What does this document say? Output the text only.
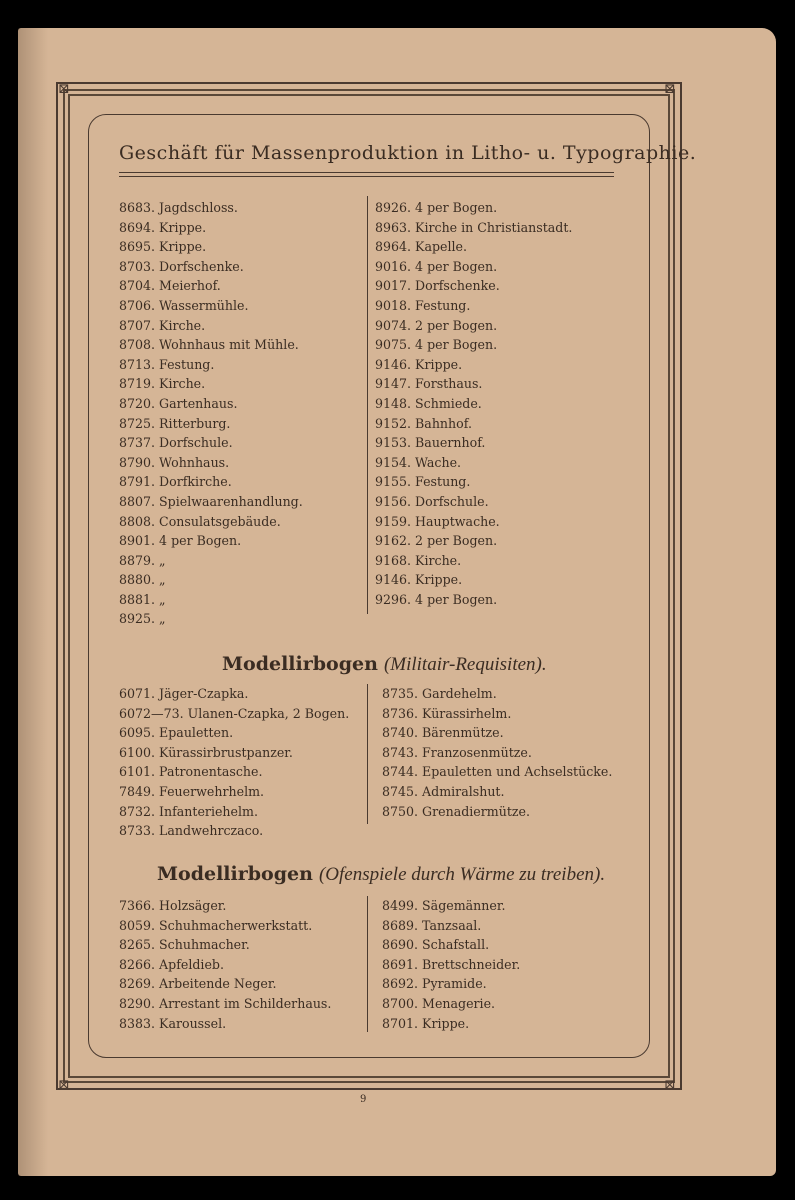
⊠	⊠
⊠	⊠
Geschäft für Massenproduktion in Litho- u. Typographie.
8683. Jagdschloss.
8694. Krippe.
8695. Krippe.
8703. Dorfschenke.
8704. Meierhof.
8706. Wassermühle.
8707. Kirche.
8708. Wohnhaus mit Mühle.
8713. Festung.
8719. Kirche.
8720. Gartenhaus.
8725. Ritterburg.
8737. Dorfschule.
8790. Wohnhaus.
8791. Dorfkirche.
8807. Spielwaarenhandlung.
8808. Consulatsgebäude.
8901. 4 per Bogen.
8879. „
8880. „
8881. „
8925. „
8926. 4 per Bogen.
8963. Kirche in Christianstadt.
8964. Kapelle.
9016. 4 per Bogen.
9017. Dorfschenke.
9018. Festung.
9074. 2 per Bogen.
9075. 4 per Bogen.
9146. Krippe.
9147. Forsthaus.
9148. Schmiede.
9152. Bahnhof.
9153. Bauernhof.
9154. Wache.
9155. Festung.
9156. Dorfschule.
9159. Hauptwache.
9162. 2 per Bogen.
9168. Kirche.
9146. Krippe.
9296. 4 per Bogen.
Modellirbogen (Militair-Requisiten).
6071. Jäger-Czapka.
6072—73. Ulanen-Czapka, 2 Bogen.
6095. Epauletten.
6100. Kürassirbrustpanzer.
6101. Patronentasche.
7849. Feuerwehrhelm.
8732. Infanteriehelm.
8733. Landwehrczaco.
8735. Gardehelm.
8736. Kürassirhelm.
8740. Bärenmütze.
8743. Franzosenmütze.
8744. Epauletten und Achselstücke.
8745. Admiralshut.
8750. Grenadiermütze.
Modellirbogen (Ofenspiele durch Wärme zu treiben).
7366. Holzsäger.
8059. Schuhmacherwerkstatt.
8265. Schuhmacher.
8266. Apfeldieb.
8269. Arbeitende Neger.
8290. Arrestant im Schilderhaus.
8383. Karoussel.
8499. Sägemänner.
8689. Tanzsaal.
8690. Schafstall.
8691. Brettschneider.
8692. Pyramide.
8700. Menagerie.
8701. Krippe.
9
